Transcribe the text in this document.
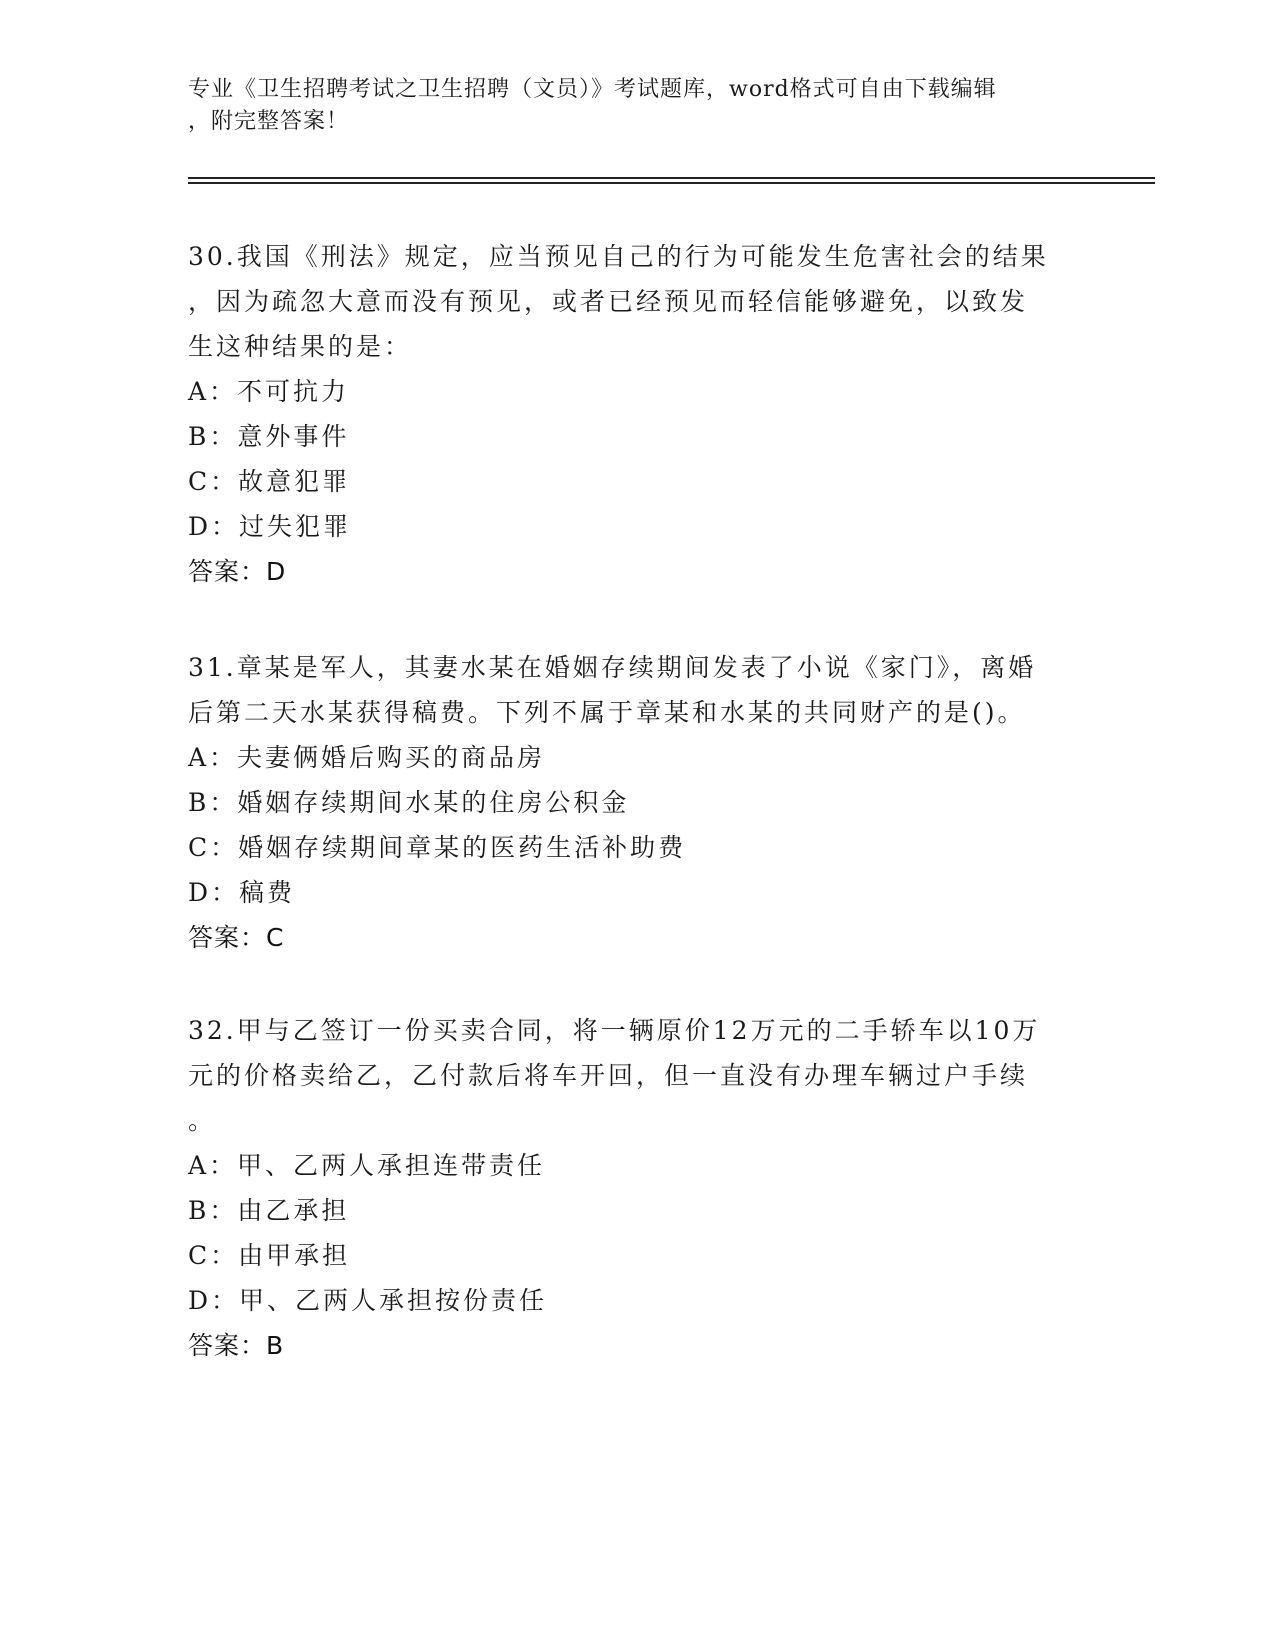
专业《卫生招聘考试之卫生招聘（文员）》考试题库，word格式可自由下载编辑
，附完整答案！
30.我国《刑法》规定，应当预见自己的行为可能发生危害社会的结果
，因为疏忽大意而没有预见，或者已经预见而轻信能够避免，以致发
生这种结果的是：
A：不可抗力
B：意外事件
C：故意犯罪
D：过失犯罪
答案：D
31.章某是军人，其妻水某在婚姻存续期间发表了小说《家门》，离婚
后第二天水某获得稿费。下列不属于章某和水某的共同财产的是()。
A：夫妻俩婚后购买的商品房
B：婚姻存续期间水某的住房公积金
C：婚姻存续期间章某的医药生活补助费
D：稿费
答案：C
32.甲与乙签订一份买卖合同，将一辆原价12万元的二手轿车以10万
元的价格卖给乙，乙付款后将车开回，但一直没有办理车辆过户手续
。
A：甲、乙两人承担连带责任
B：由乙承担
C：由甲承担
D：甲、乙两人承担按份责任
答案：B
